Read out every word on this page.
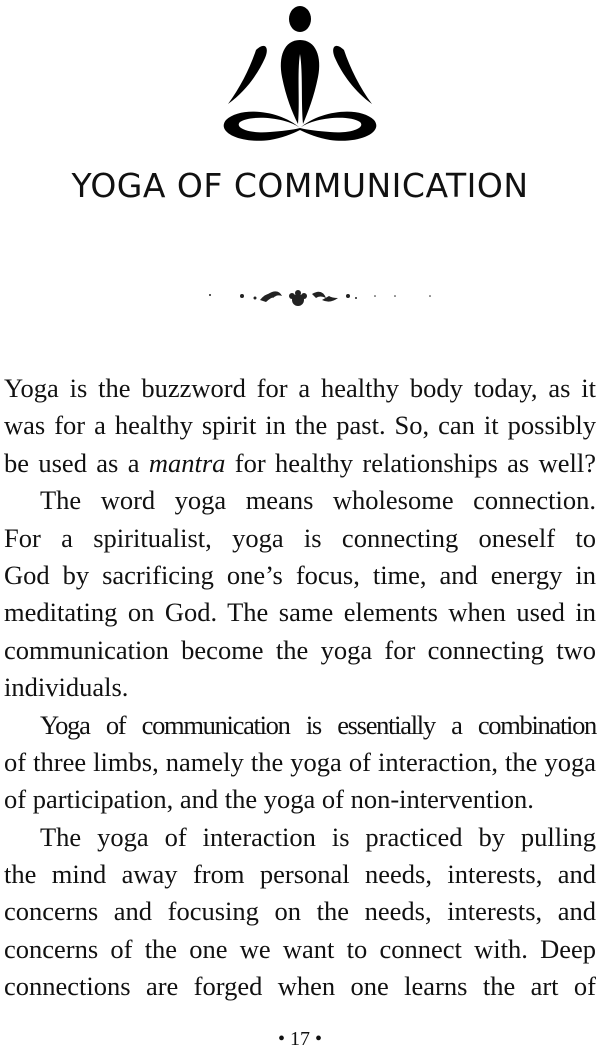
YOGA OF COMMUNICATION
Yoga is the buzzword for a healthy body today, as it
was for a healthy spirit in the past. So, can it possibly
be used as a mantra for healthy relationships as well?
The word yoga means wholesome connection.
For a spiritualist, yoga is connecting oneself to
God by sacrificing one’s focus, time, and energy in
meditating on God. The same elements when used in
communication become the yoga for connecting two
individuals.
Yoga of communication is essentially a combination
of three limbs, namely the yoga of interaction, the yoga
of participation, and the yoga of non-intervention.
The yoga of interaction is practiced by pulling
the mind away from personal needs, interests, and
concerns and focusing on the needs, interests, and
concerns of the one we want to connect with. Deep
connections are forged when one learns the art of
• 17 •
